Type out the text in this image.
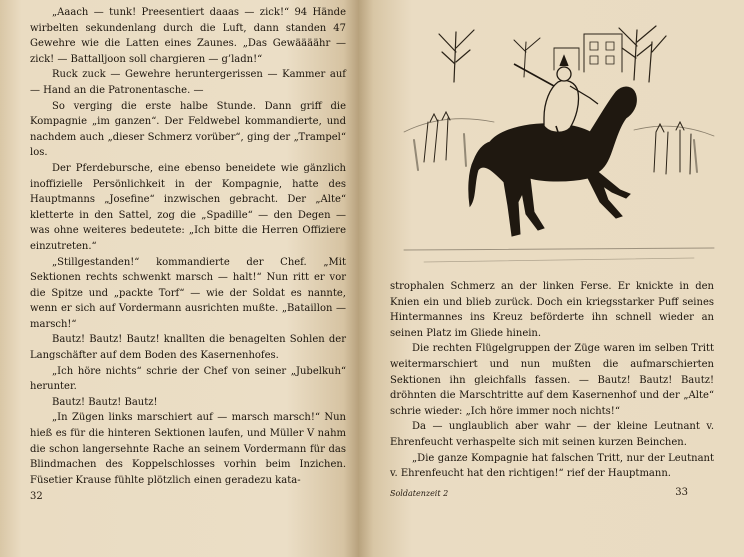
„Aaach — tunk! Preesentiert daaas — zick!“ 94 Hände wirbelten sekundenlang durch die Luft, dann standen 47 Gewehre wie die Latten eines Zaunes. „Das Gewäääähr — zick! — Battalljoon soll chargieren — g’ladn!“

Ruck zuck — Gewehre heruntergerissen — Kammer auf — Hand an die Patronentasche. —

So verging die erste halbe Stunde. Dann griff die Kompagnie „im ganzen“. Der Feldwebel kommandierte, und nachdem auch „dieser Schmerz vorüber“, ging der „Trampel“ los.

Der Pferdebursche, eine ebenso beneidete wie gänzlich inoffizielle Persönlichkeit in der Kompagnie, hatte des Hauptmanns „Josefine“ inzwischen gebracht. Der „Alte“ kletterte in den Sattel, zog die „Spadille“ — den Degen — was ohne weiteres bedeutete: „Ich bitte die Herren Offiziere einzutreten.“

„Stillgestanden!“ kommandierte der Chef. „Mit Sektionen rechts schwenkt marsch — halt!“ Nun ritt er vor die Spitze und „packte Torf“ — wie der Soldat es nannte, wenn er sich auf Vordermann ausrichten mußte. „Bataillon — marsch!“

Bautz! Bautz! Bautz! knallten die benagelten Sohlen der Langschäfter auf dem Boden des Kasernenhofes.

„Ich höre nichts“ schrie der Chef von seiner „Jubelkuh“ herunter.

Bautz! Bautz! Bautz!

„In Zügen links marschiert auf — marsch marsch!“ Nun hieß es für die hinteren Sektionen laufen, und Müller V nahm die schon langersehnte Rache an seinem Vordermann für das Blindmachen des Koppelschlosses vorhin beim Inzichen. Füsetier Krause fühlte plötzlich einen geradezu kata-

32

strophalen Schmerz an der linken Ferse. Er knickte in den Knien ein und blieb zurück. Doch ein kriegsstarker Puff seines Hintermannes ins Kreuz beförderte ihn schnell wieder an seinen Platz im Gliede hinein.

Die rechten Flügelgruppen der Züge waren im selben Tritt weitermarschiert und nun mußten die aufmarschierten Sektionen ihn gleichfalls fassen. — Bautz! Bautz! Bautz! dröhnten die Marschtritte auf dem Kasernenhof und der „Alte“ schrie wieder: „Ich höre immer noch nichts!“

Da — unglaublich aber wahr — der kleine Leutnant v. Ehrenfeucht verhaspelte sich mit seinen kurzen Beinchen.

„Die ganze Kompagnie hat falschen Tritt, nur der Leutnant v. Ehrenfeucht hat den richtigen!“ rief der Hauptmann.

Soldatenzeit 2	33
